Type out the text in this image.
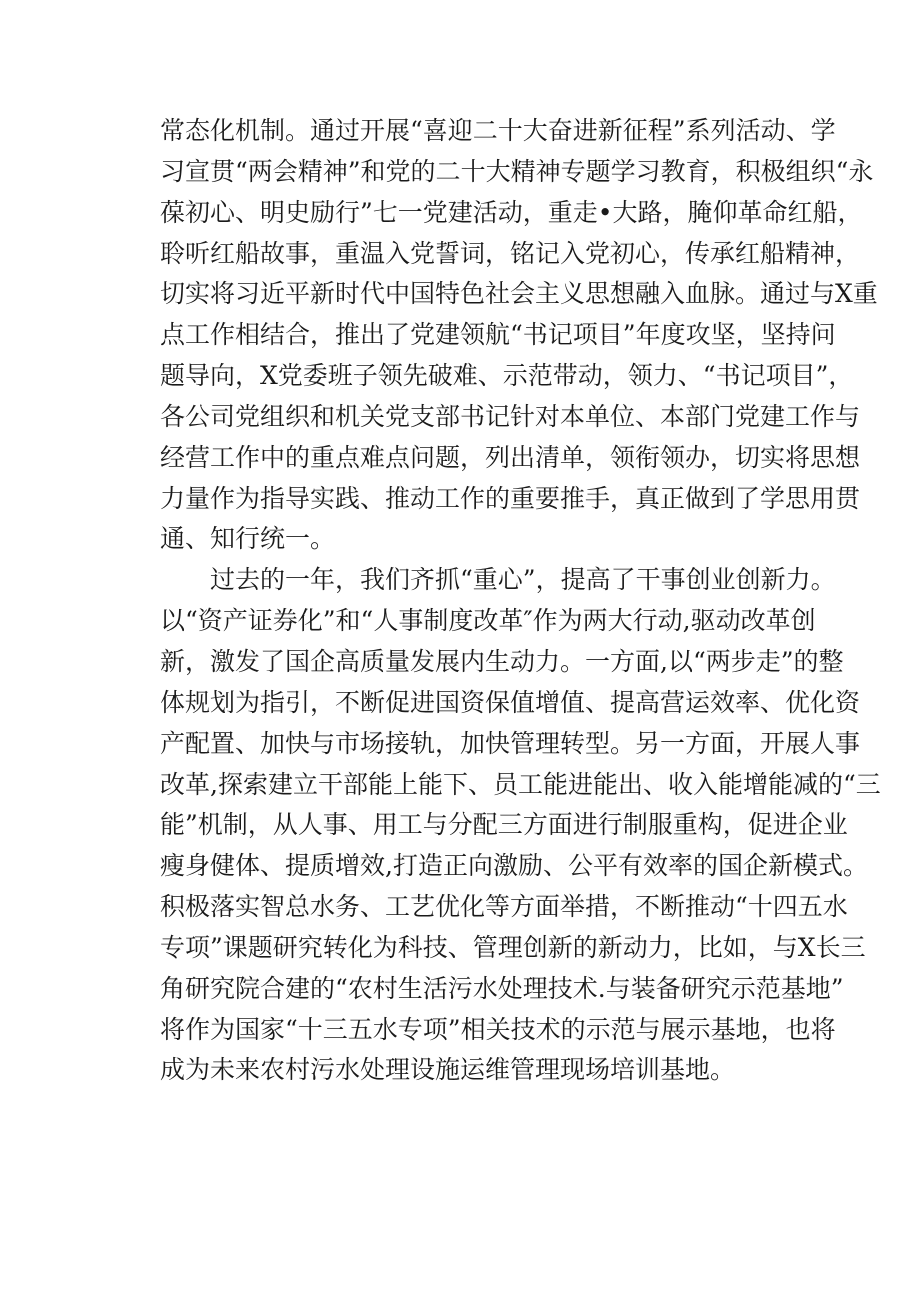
常态化机制。通过开展“喜迎二十大奋进新征程”系列活动、学
习宣贯“两会精神”和党的二十大精神专题学习教育，积极组织“永
葆初心、明史励行”七一党建活动，重走•大路，腌仰革命红船，
聆听红船故事，重温入党誓词，铭记入党初心，传承红船精神，
切实将习近平新时代中国特色社会主义思想融入血脉。通过与X重
点工作相结合，推出了党建领航“书记项目”年度攻坚，坚持问
题导向，X党委班子领先破难、示范带动，领力、“书记项目”，
各公司党组织和机关党支部书记针对本单位、本部门党建工作与
经营工作中的重点难点问题，列出清单，领衔领办，切实将思想
力量作为指导实践、推动工作的重要推手，真正做到了学思用贯
通、知行统一。
过去的一年，我们齐抓“重心”，提高了干事创业创新力。
以“资产证券化”和“人事制度改革″作为两大行动,驱动改革创
新，激发了国企高质量发展内生动力。一方面,以“两步走”的整
体规划为指引，不断促进国资保值增值、提高营运效率、优化资
产配置、加快与市场接轨，加快管理转型。另一方面，开展人事
改革,探索建立干部能上能下、员工能进能出、收入能增能减的“三
能”机制，从人事、用工与分配三方面进行制服重构，促进企业
瘦身健体、提质增效,打造正向激励、公平有效率的国企新模式。
积极落实智总水务、工艺优化等方面举措，不断推动“十四五水
专项”课题研究转化为科技、管理创新的新动力，比如，与X长三
角研究院合建的“农村生活污水处理技术.与装备研究示范基地”
将作为国家“十三五水专项”相关技术的示范与展示基地，也将
成为未来农村污水处理设施运维管理现场培训基地。
